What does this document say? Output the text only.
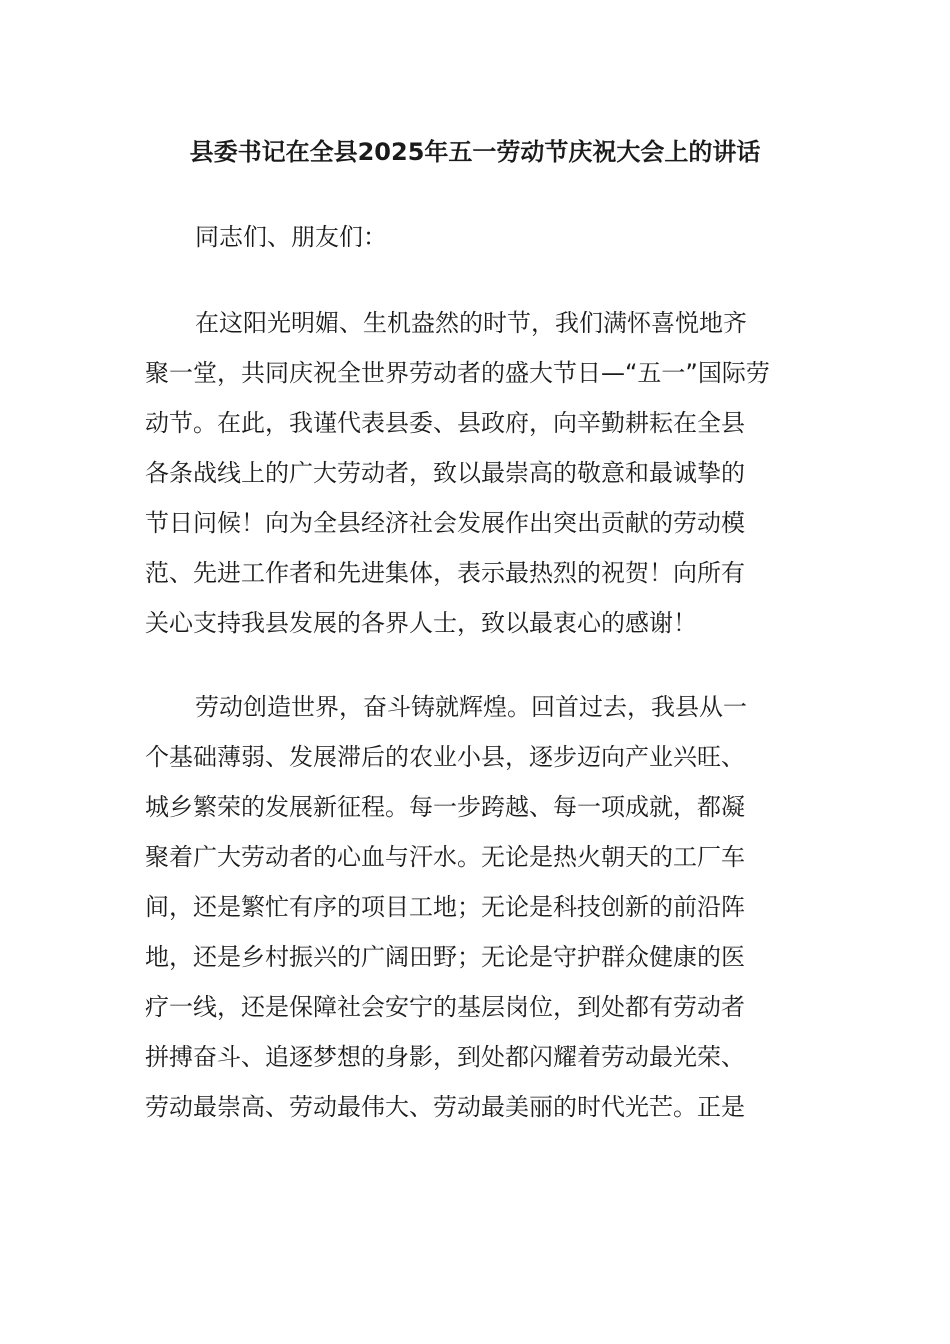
县委书记在全县2025年五一劳动节庆祝大会上的讲话

同志们、朋友们：

在这阳光明媚、生机盎然的时节，我们满怀喜悦地齐
聚一堂，共同庆祝全世界劳动者的盛大节日—“五一”国际劳
动节。在此，我谨代表县委、县政府，向辛勤耕耘在全县
各条战线上的广大劳动者，致以最崇高的敬意和最诚挚的
节日问候！向为全县经济社会发展作出突出贡献的劳动模
范、先进工作者和先进集体，表示最热烈的祝贺！向所有
关心支持我县发展的各界人士，致以最衷心的感谢！

劳动创造世界，奋斗铸就辉煌。回首过去，我县从一
个基础薄弱、发展滞后的农业小县，逐步迈向产业兴旺、
城乡繁荣的发展新征程。每一步跨越、每一项成就，都凝
聚着广大劳动者的心血与汗水。无论是热火朝天的工厂车
间，还是繁忙有序的项目工地；无论是科技创新的前沿阵
地，还是乡村振兴的广阔田野；无论是守护群众健康的医
疗一线，还是保障社会安宁的基层岗位，到处都有劳动者
拼搏奋斗、追逐梦想的身影，到处都闪耀着劳动最光荣、
劳动最崇高、劳动最伟大、劳动最美丽的时代光芒。正是
